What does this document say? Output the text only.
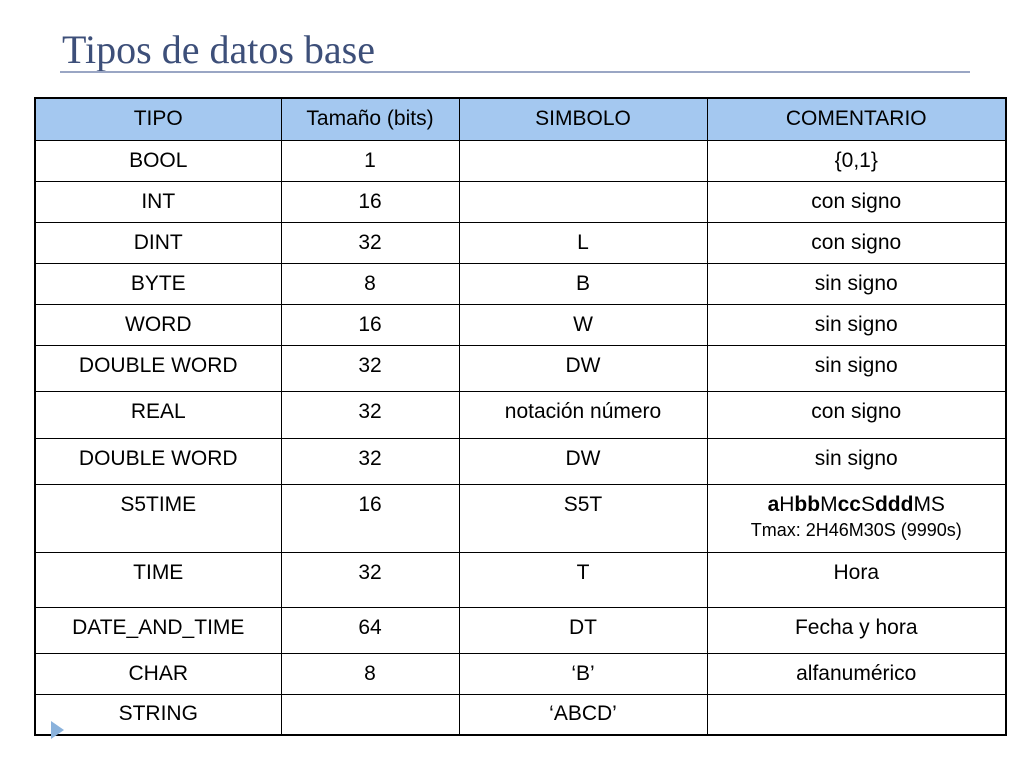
Tipos de datos base
TIPO	Tamaño (bits)	SIMBOLO	COMENTARIO
BOOL	1		{0,1}
INT	16		con signo
DINT	32	L	con signo
BYTE	8	B	sin signo
WORD	16	W	sin signo
DOUBLE WORD	32	DW	sin signo
REAL	32	notación número	con signo
DOUBLE WORD	32	DW	sin signo
S5TIME	16	S5T	aHbbMccSdddMS
Tmax: 2H46M30S (9990s)

TIME	32	T	Hora
DATE_AND_TIME	64	DT	Fecha y hora
CHAR	8	‘B’	alfanumérico
STRING		‘ABCD’	
